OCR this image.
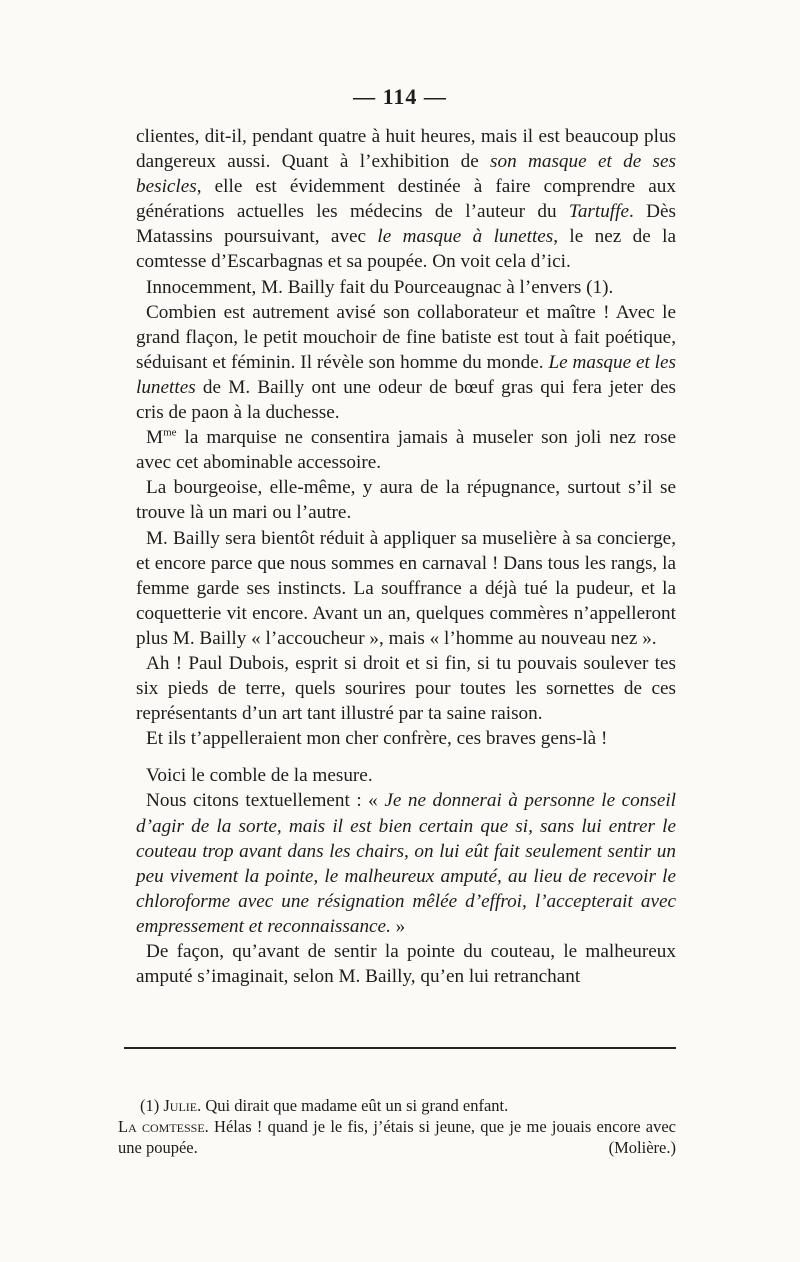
— 114 —

clientes, dit-il, pendant quatre à huit heures, mais il est beaucoup plus dangereux aussi. Quant à l’exhibition de son masque et de ses besicles, elle est évidemment destinée à faire comprendre aux générations actuelles les médecins de l’auteur du Tartuffe. Dès Matassins poursuivant, avec le masque à lunettes, le nez de la comtesse d’Escarbagnas et sa poupée. On voit cela d’ici.

Innocemment, M. Bailly fait du Pourceaugnac à l’envers (1).

Combien est autrement avisé son collaborateur et maître ! Avec le grand flaçon, le petit mouchoir de fine batiste est tout à fait poétique, séduisant et féminin. Il révèle son homme du monde. Le masque et les lunettes de M. Bailly ont une odeur de bœuf gras qui fera jeter des cris de paon à la duchesse.

$M^{me}$ la marquise ne consentira jamais à museler son joli nez rose avec cet abominable accessoire.

La bourgeoise, elle-même, y aura de la répugnance, surtout s’il se trouve là un mari ou l’autre.

M. Bailly sera bientôt réduit à appliquer sa muselière à sa concierge, et encore parce que nous sommes en carnaval ! Dans tous les rangs, la femme garde ses instincts. La souffrance a déjà tué la pudeur, et la coquetterie vit encore. Avant un an, quelques commères n’appelleront plus M. Bailly « l’accoucheur », mais « l’homme au nouveau nez ».

Ah ! Paul Dubois, esprit si droit et si fin, si tu pouvais soulever tes six pieds de terre, quels sourires pour toutes les sornettes de ces représentants d’un art tant illustré par ta saine raison.

Et ils t’appelleraient mon cher confrère, ces braves gens-là !

Voici le comble de la mesure.

Nous citons textuellement : « Je ne donnerai à personne le conseil d’agir de la sorte, mais il est bien certain que si, sans lui entrer le couteau trop avant dans les chairs, on lui eût fait seulement sentir un peu vivement la pointe, le malheureux amputé, au lieu de recevoir le chloroforme avec une résignation mêlée d’effroi, l’accepterait avec empressement et reconnaissance. »

De façon, qu’avant de sentir la pointe du couteau, le malheureux amputé s’imaginait, selon M. Bailly, qu’en lui retranchant

(1) Julie. Qui dirait que madame eût un si grand enfant.

La comtesse. Hélas ! quand je le fis, j’étais si jeune, que je me jouais encore avec une poupée.	(Molière.)
